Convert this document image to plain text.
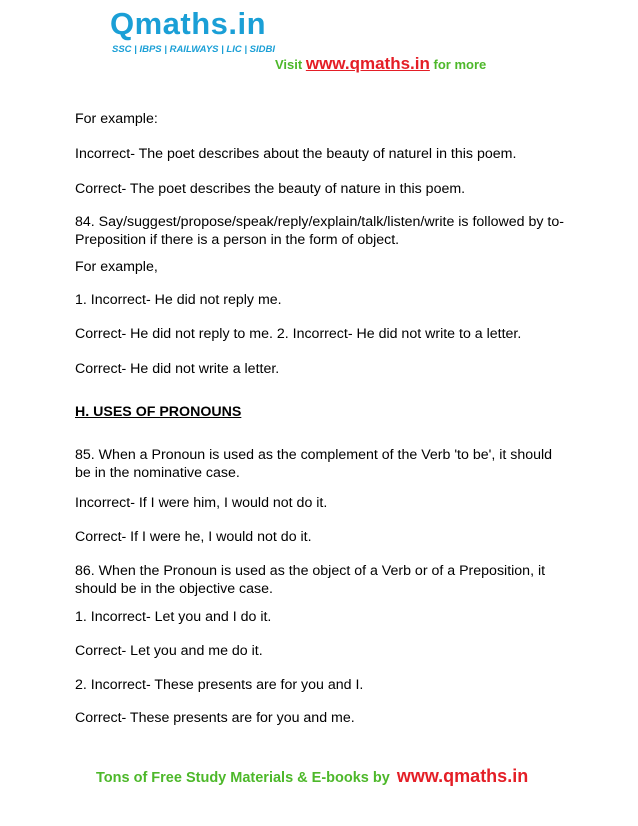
Qmaths.in
SSC | IBPS | RAILWAYS | LIC | SIDBI
Visit www.qmaths.in for more
For example:
Incorrect- The poet describes about the beauty of naturel in this poem.
Correct- The poet describes the beauty of nature in this poem.
84. Say/suggest/propose/speak/reply/explain/talk/listen/write is followed by to-Preposition if there is a person in the form of object.
For example,
1. Incorrect- He did not reply me.
Correct- He did not reply to me. 2. Incorrect- He did not write to a letter.
Correct- He did not write a letter.
H. USES OF PRONOUNS
85. When a Pronoun is used as the complement of the Verb 'to be', it should be in the nominative case.
Incorrect- If I were him, I would not do it.
Correct- If I were he, I would not do it.
86. When the Pronoun is used as the object of a Verb or of a Preposition, it should be in the objective case.
1. Incorrect- Let you and I do it.
Correct- Let you and me do it.
2. Incorrect- These presents are for you and I.
Correct- These presents are for you and me.
Tons of Free Study Materials & E-books by www.qmaths.in
